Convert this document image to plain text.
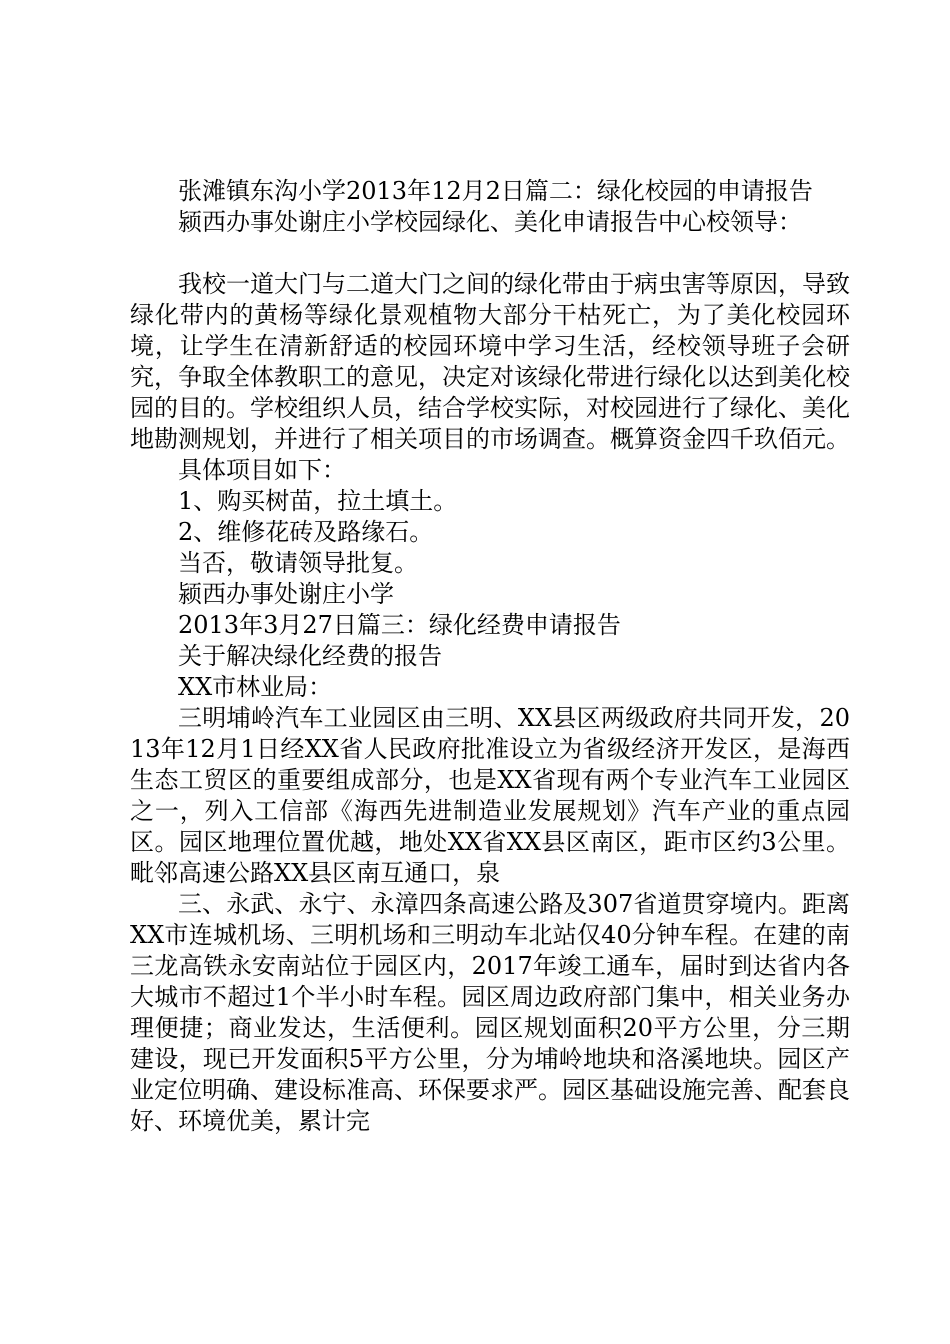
张滩镇东沟小学2013年12月2日篇二：绿化校园的申请报告

颍西办事处谢庄小学校园绿化、美化申请报告中心校领导：

我校一道大门与二道大门之间的绿化带由于病虫害等原因，导致绿化带内的黄杨等绿化景观植物大部分干枯死亡，为了美化校园环境，让学生在清新舒适的校园环境中学习生活，经校领导班子会研究，争取全体教职工的意见，决定对该绿化带进行绿化以达到美化校园的目的。学校组织人员，结合学校实际，对校园进行了绿化、美化地勘测规划，并进行了相关项目的市场调查。概算资金四千玖佰元。

具体项目如下：

1、购买树苗，拉土填土。

2、维修花砖及路缘石。

当否，敬请领导批复。

颍西办事处谢庄小学

2013年3月27日篇三：绿化经费申请报告

关于解决绿化经费的报告

XX市林业局：

三明埔岭汽车工业园区由三明、XX县区两级政府共同开发，2013年12月1日经XX省人民政府批准设立为省级经济开发区，是海西生态工贸区的重要组成部分，也是XX省现有两个专业汽车工业园区之一，列入工信部《海西先进制造业发展规划》汽车产业的重点园区。园区地理位置优越，地处XX省XX县区南区，距市区约3公里。毗邻高速公路XX县区南互通口，泉

三、永武、永宁、永漳四条高速公路及307省道贯穿境内。距离XX市连城机场、三明机场和三明动车北站仅40分钟车程。在建的南三龙高铁永安南站位于园区内，2017年竣工通车，届时到达省内各大城市不超过1个半小时车程。园区周边政府部门集中，相关业务办理便捷；商业发达，生活便利。园区规划面积20平方公里，分三期建设，现已开发面积5平方公里，分为埔岭地块和洛溪地块。园区产业定位明确、建设标准高、环保要求严。园区基础设施完善、配套良好、环境优美，累计完
